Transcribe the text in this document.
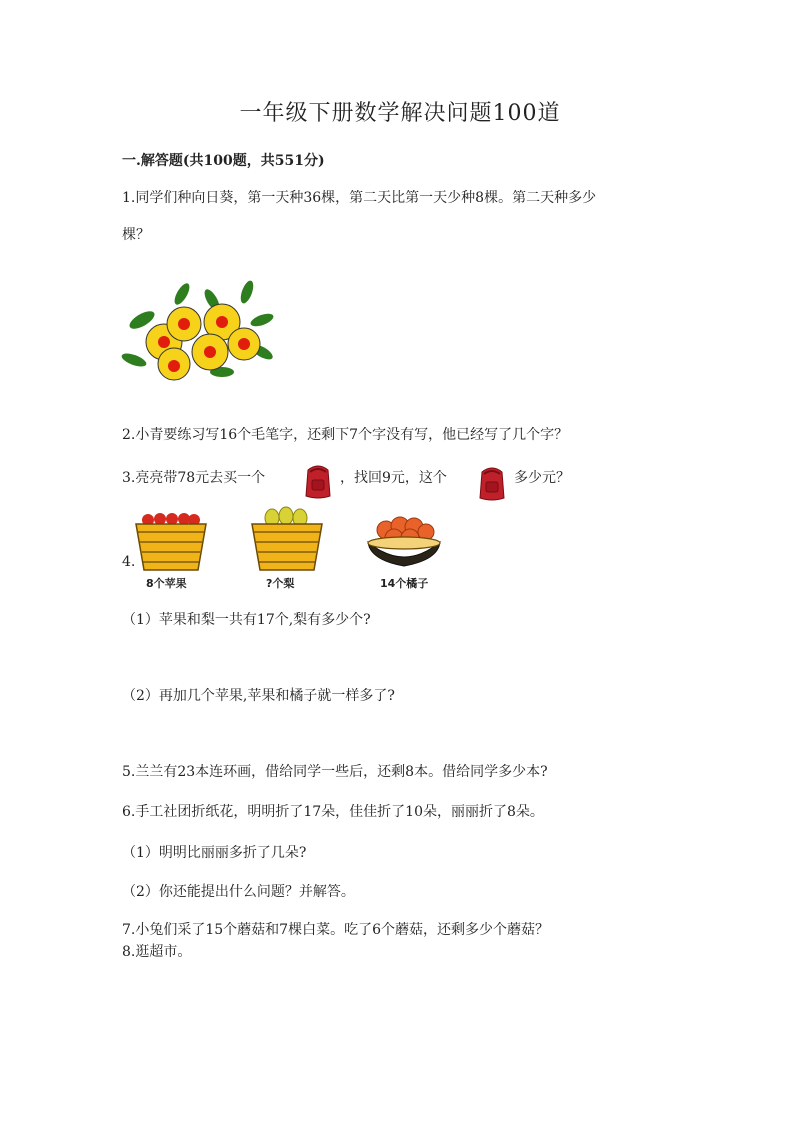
一年级下册数学解决问题100道
一.解答题(共100题，共551分)
1.同学们种向日葵，第一天种36棵，第二天比第一天少种8棵。第二天种多少
棵？
2.小青要练习写16个毛笔字，还剩下7个字没有写，他已经写了几个字？
3.亮亮带78元去买一个	，找回9元，这个	多少元？
4.
8个苹果	?个梨	14个橘子
（1）苹果和梨一共有17个,梨有多少个?
（2）再加几个苹果,苹果和橘子就一样多了?
5.兰兰有23本连环画，借给同学一些后，还剩8本。借给同学多少本?
6.手工社团折纸花，明明折了17朵，佳佳折了10朵，丽丽折了8朵。
（1）明明比丽丽多折了几朵?
（2）你还能提出什么问题？并解答。
7.小兔们采了15个蘑菇和7棵白菜。吃了6个蘑菇，还剩多少个蘑菇？
8.逛超市。
